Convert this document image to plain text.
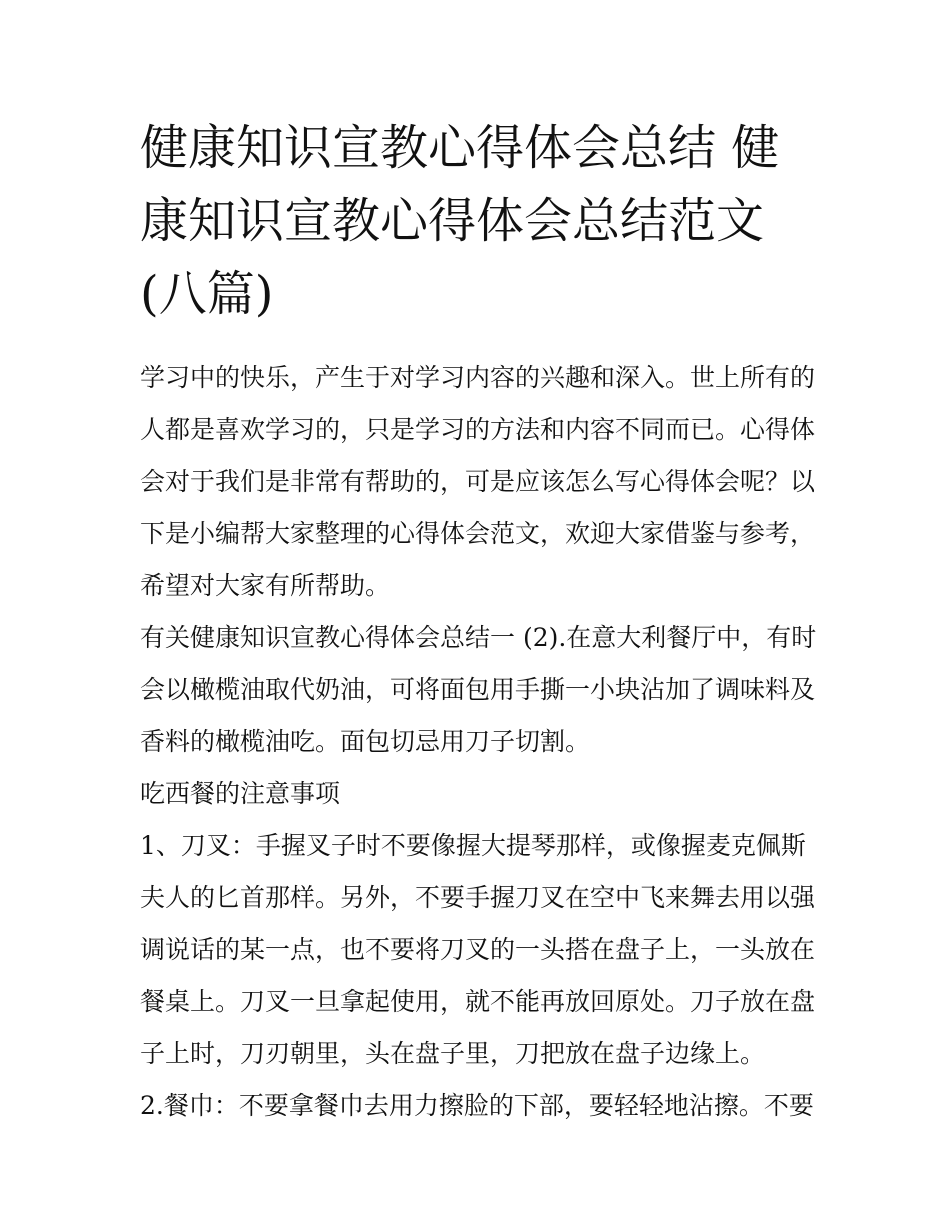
健康知识宣教心得体会总结 健康知识宣教心得体会总结范文(八篇)

学习中的快乐，产生于对学习内容的兴趣和深入。世上所有的人都是喜欢学习的，只是学习的方法和内容不同而已。心得体会对于我们是非常有帮助的，可是应该怎么写心得体会呢？以下是小编帮大家整理的心得体会范文，欢迎大家借鉴与参考，希望对大家有所帮助。

有关健康知识宣教心得体会总结一 (2).在意大利餐厅中，有时会以橄榄油取代奶油，可将面包用手撕一小块沾加了调味料及香料的橄榄油吃。面包切忌用刀子切割。

吃西餐的注意事项

1、刀叉：手握叉子时不要像握大提琴那样，或像握麦克佩斯夫人的匕首那样。另外，不要手握刀叉在空中飞来舞去用以强调说话的某一点，也不要将刀叉的一头搭在盘子上，一头放在餐桌上。刀叉一旦拿起使用，就不能再放回原处。刀子放在盘子上时，刀刃朝里，头在盘子里，刀把放在盘子边缘上。

2.餐巾：不要拿餐巾去用力擦脸的下部，要轻轻地沾擦。不要
